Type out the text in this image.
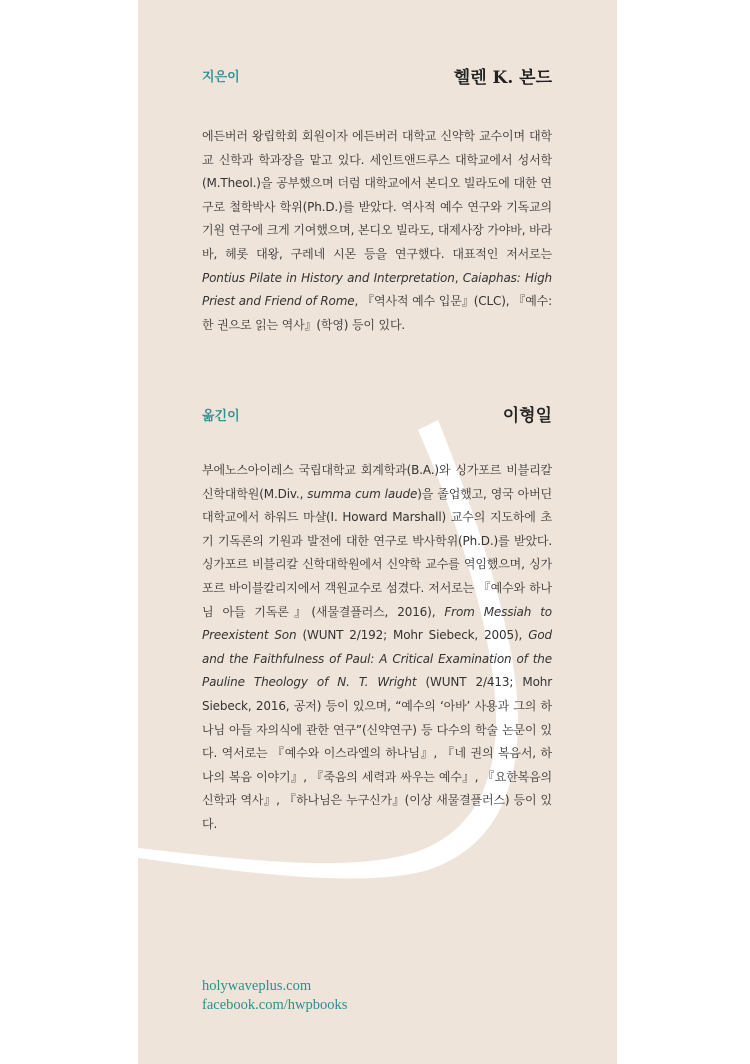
지은이	헬렌 K. 본드
에든버러 왕립학회 회원이자 에든버러 대학교 신약학 교수이며 대학교 신학과 학과장을 맡고 있다. 세인트앤드루스 대학교에서 성서학(M.Theol.)을 공부했으며 더럼 대학교에서 본디오 빌라도에 대한 연구로 철학박사 학위(Ph.D.)를 받았다. 역사적 예수 연구와 기독교의 기원 연구에 크게 기여했으며, 본디오 빌라도, 대제사장 가야바, 바라바, 헤롯 대왕, 구레네 시몬 등을 연구했다. 대표적인 저서로는 Pontius Pilate in History and Interpretation, Caiaphas: High Priest and Friend of Rome, 『역사적 예수 입문』(CLC), 『예수: 한 권으로 읽는 역사』(학영) 등이 있다.
옮긴이	이형일
부에노스아이레스 국립대학교 회계학과(B.A.)와 싱가포르 비블리칼 신학대학원(M.Div., summa cum laude)을 졸업했고, 영국 아버딘 대학교에서 하워드 마샬(I. Howard Marshall) 교수의 지도하에 초기 기독론의 기원과 발전에 대한 연구로 박사학위(Ph.D.)를 받았다. 싱가포르 비블리칼 신학대학원에서 신약학 교수를 역임했으며, 싱가포르 바이블칼리지에서 객원교수로 섬겼다. 저서로는 『예수와 하나님 아들 기독론』(새물결플러스, 2016), From Messiah to Preexistent Son (WUNT 2/192; Mohr Siebeck, 2005), God and the Faithfulness of Paul: A Critical Examination of the Pauline Theology of N. T. Wright (WUNT 2/413; Mohr Siebeck, 2016, 공저) 등이 있으며, “예수의 ‘아바’ 사용과 그의 하나님 아들 자의식에 관한 연구”(신약연구) 등 다수의 학술 논문이 있다. 역서로는 『예수와 이스라엘의 하나님』, 『네 권의 복음서, 하나의 복음 이야기』, 『죽음의 세력과 싸우는 예수』, 『요한복음의 신학과 역사』, 『하나님은 누구신가』(이상 새물결플러스) 등이 있다.
holywaveplus.com
facebook.com/hwpbooks
